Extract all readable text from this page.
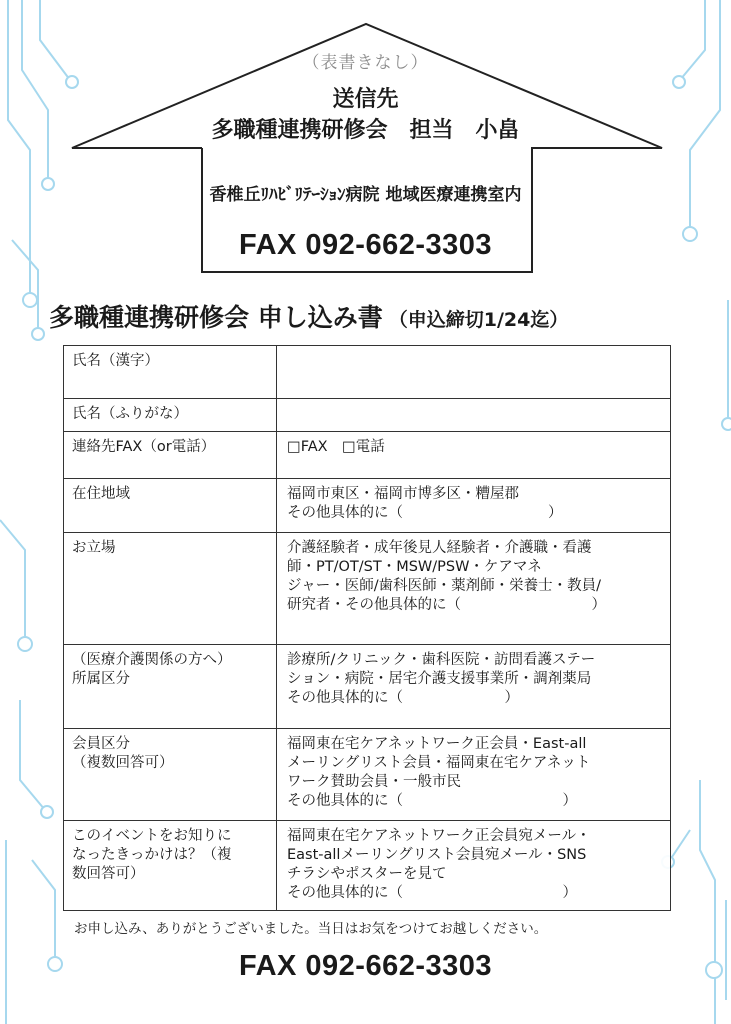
（表書きなし）
送信先
多職種連携研修会　担当　小畠
香椎丘ﾘﾊﾋﾞﾘﾃｰｼｮﾝ病院 地域医療連携室内
FAX 092-662-3303
多職種連携研修会 申し込み書 （申込締切1/24迄）
氏名（漢字）	

氏名（ふりがな）	

連絡先FAX（or電話）	□FAX　□電話

在住地域	福岡市東区・福岡市博多区・糟屋郡
その他具体的に（　　　　　　　　　　）

お立場	介護経験者・成年後見人経験者・介護職・看護
師・PT/OT/ST・MSW/PSW・ケアマネ
ジャー・医師/歯科医師・薬剤師・栄養士・教員/
研究者・その他具体的に（　　　　　　　　　）

（医療介護関係の方へ）
所属区分	診療所/クリニック・歯科医院・訪問看護ステー
ション・病院・居宅介護支援事業所・調剤薬局
その他具体的に（　　　　　　　）

会員区分
（複数回答可）	福岡東在宅ケアネットワーク正会員・East-all
メーリングリスト会員・福岡東在宅ケアネット
ワーク賛助会員・一般市民
その他具体的に（　　　　　　　　　　　）

このイベントをお知りに
なったきっかけは？（複
数回答可）	福岡東在宅ケアネットワーク正会員宛メール・
East-allメーリングリスト会員宛メール・SNS
チラシやポスターを見て
その他具体的に（　　　　　　　　　　　）
お申し込み、ありがとうございました。当日はお気をつけてお越しください。
FAX 092-662-3303
